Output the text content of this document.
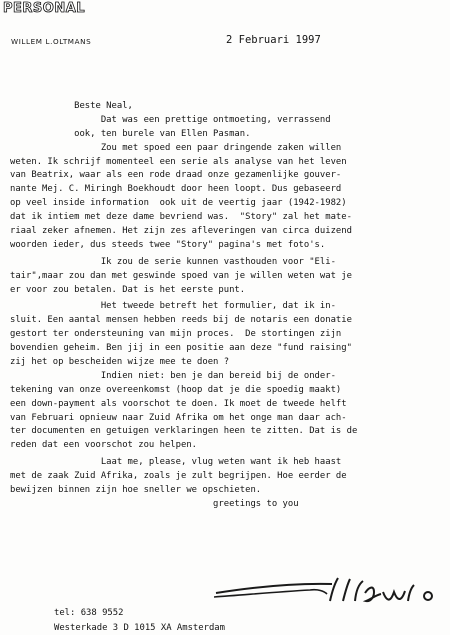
PERSONAL
WILLEM L.OLTMANS	2 Februari 1997
Beste Neal,
Dat was een prettige ontmoeting, verrassend
ook, ten burele van Ellen Pasman.
Zou met spoed een paar dringende zaken willen
weten. Ik schrijf momenteel een serie als analyse van het leven
van Beatrix, waar als een rode draad onze gezamenlijke gouver-
nante Mej. C. Miringh Boekhoudt door heen loopt. Dus gebaseerd
op veel inside information  ook uit de veertig jaar (1942-1982)
dat ik intiem met deze dame bevriend was.  "Story" zal het mate-
riaal zeker afnemen. Het zijn zes afleveringen van circa duizend
woorden ieder, dus steeds twee "Story" pagina's met foto's.
Ik zou de serie kunnen vasthouden voor "Eli-
tair",maar zou dan met geswinde spoed van je willen weten wat je
er voor zou betalen. Dat is het eerste punt.
Het tweede betreft het formulier, dat ik in-
sluit. Een aantal mensen hebben reeds bij de notaris een donatie
gestort ter ondersteuning van mijn proces.  De stortingen zijn
bovendien geheim. Ben jij in een positie aan deze "fund raising"
zij het op bescheiden wijze mee te doen ?
Indien niet: ben je dan bereid bij de onder-
tekening van onze overeenkomst (hoop dat je die spoedig maakt)
een down-payment als voorschot te doen. Ik moet de tweede helft
van Februari opnieuw naar Zuid Afrika om het onge man daar ach-
ter documenten en getuigen verklaringen heen te zitten. Dat is de
reden dat een voorschot zou helpen.
Laat me, please, vlug weten want ik heb haast
met de zaak Zuid Afrika, zoals je zult begrijpen. Hoe eerder de
bewijzen binnen zijn hoe sneller we opschieten.
greetings to you
tel: 638 9552
Westerkade 3 D 1015 XA Amsterdam
